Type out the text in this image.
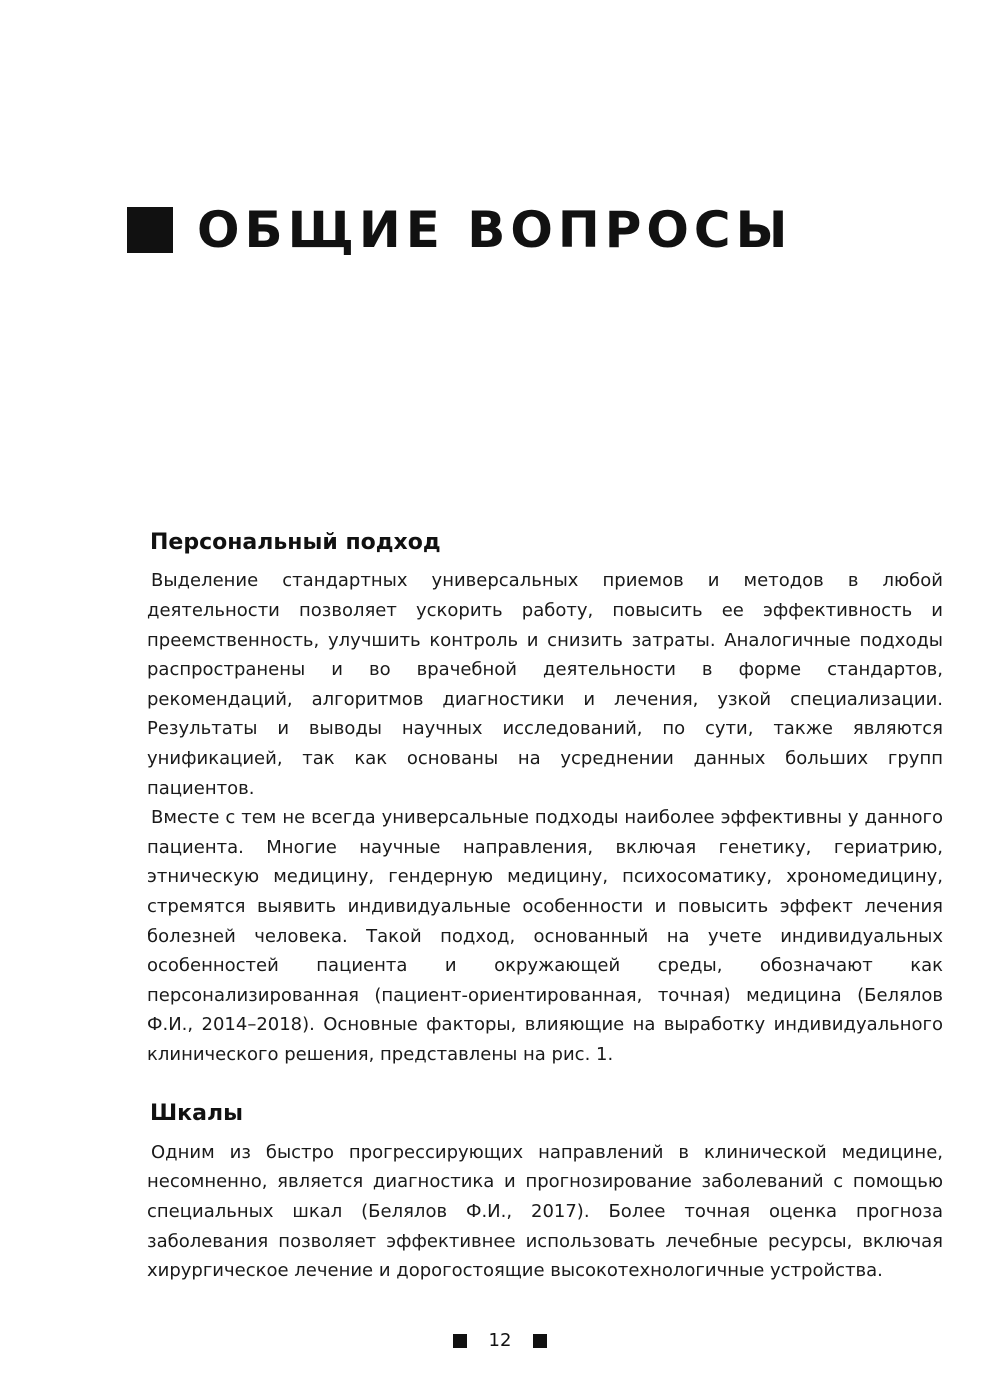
ОБЩИЕ ВОПРОСЫ
Персональный подход

Выделение стандартных универсальных приемов и методов в любой деятельности позволяет ускорить работу, повысить ее эффективность и преемственность, улучшить контроль и снизить затраты. Аналогичные подходы распространены и во врачебной деятельности в форме стандартов, рекомендаций, алгоритмов диагностики и лечения, узкой специализации. Результаты и выводы научных исследований, по сути, также являются унификацией, так как основаны на усреднении данных больших групп пациентов.

Вместе с тем не всегда универсальные подходы наиболее эффективны у данного пациента. Многие научные направления, включая генетику, гериатрию, этническую медицину, гендерную медицину, психосоматику, хрономедицину, стремятся выявить индивидуальные особенности и повысить эффект лечения болезней человека. Такой подход, основанный на учете индивидуальных особенностей пациента и окружающей среды, обозначают как персонализированная (пациент-ориентированная, точная) медицина (Белялов Ф.И., 2014–2018). Основные факторы, влияющие на выработку индивидуального клинического решения, представлены на рис. 1.

Шкалы

Одним из быстро прогрессирующих направлений в клинической медицине, несомненно, является диагностика и прогнозирование заболеваний с помощью специальных шкал (Белялов Ф.И., 2017). Более точная оценка прогноза заболевания позволяет эффективнее использовать лечебные ресурсы, включая хирургическое лечение и дорогостоящие высокотехнологичные устройства.

12
